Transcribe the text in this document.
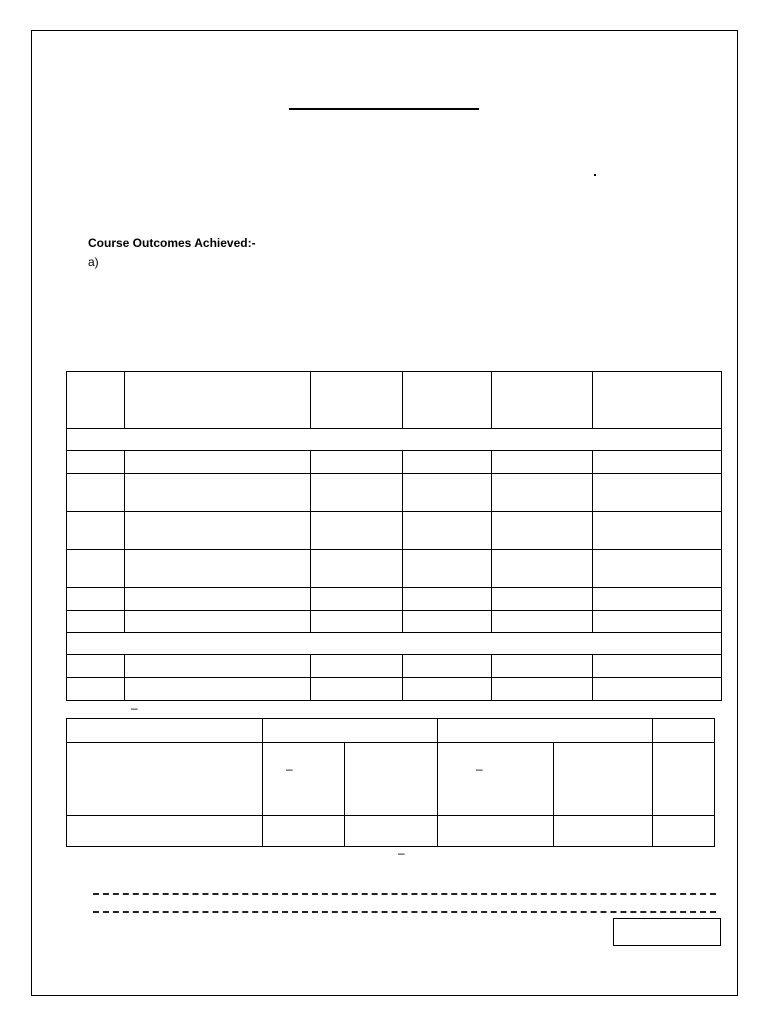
Course Outcomes Achieved:-
a)
–
–	–
–
